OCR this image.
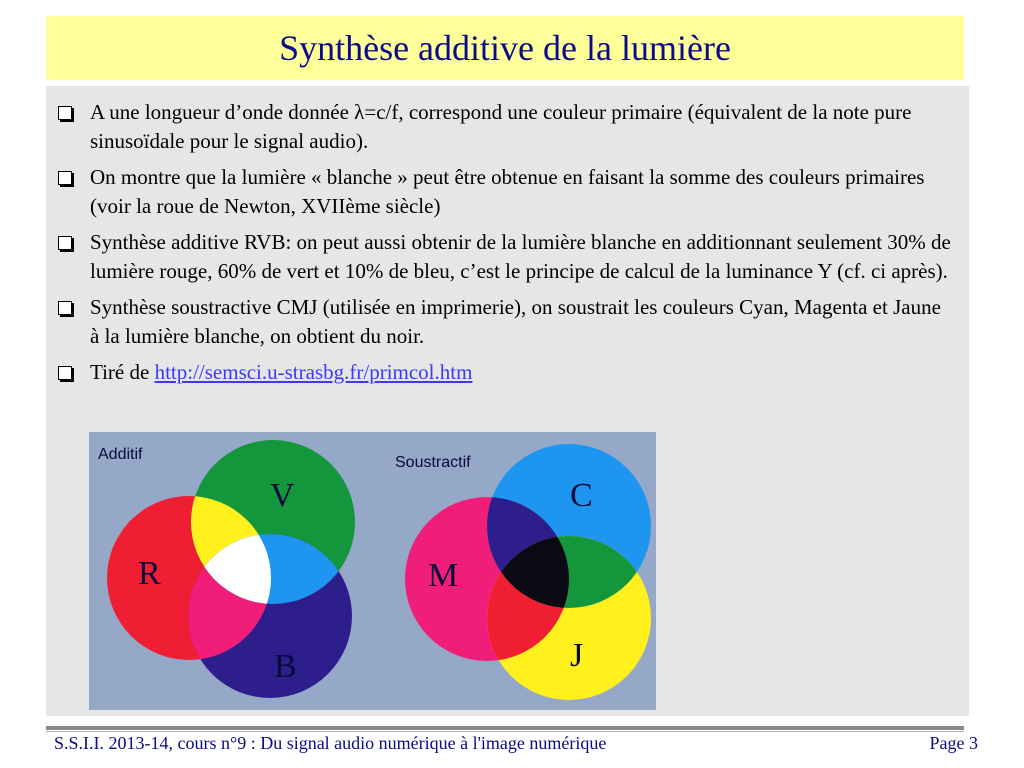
Synthèse additive de la lumière
A une longueur d’onde donnée λ=c/f, correspond une couleur primaire (équivalent de la note pure sinusoïdale pour le signal audio).
On montre que la lumière « blanche » peut être obtenue en faisant la somme des couleurs primaires (voir la roue de Newton, XVIIème siècle)
Synthèse additive RVB: on peut aussi obtenir de la lumière blanche en additionnant seulement 30% de lumière rouge, 60% de vert et 10% de bleu, c’est le principe de calcul de la luminance Y (cf. ci après).
Synthèse soustractive CMJ (utilisée en imprimerie), on soustrait les couleurs Cyan, Magenta et Jaune à la lumière blanche, on obtient du noir.
Tiré de http://semsci.u-strasbg.fr/primcol.htm
Additif	Soustractif
V
R
B
C
M
J
S.S.I.I. 2013-14, cours n°9 : Du signal audio numérique à l'image numérique	Page 3
